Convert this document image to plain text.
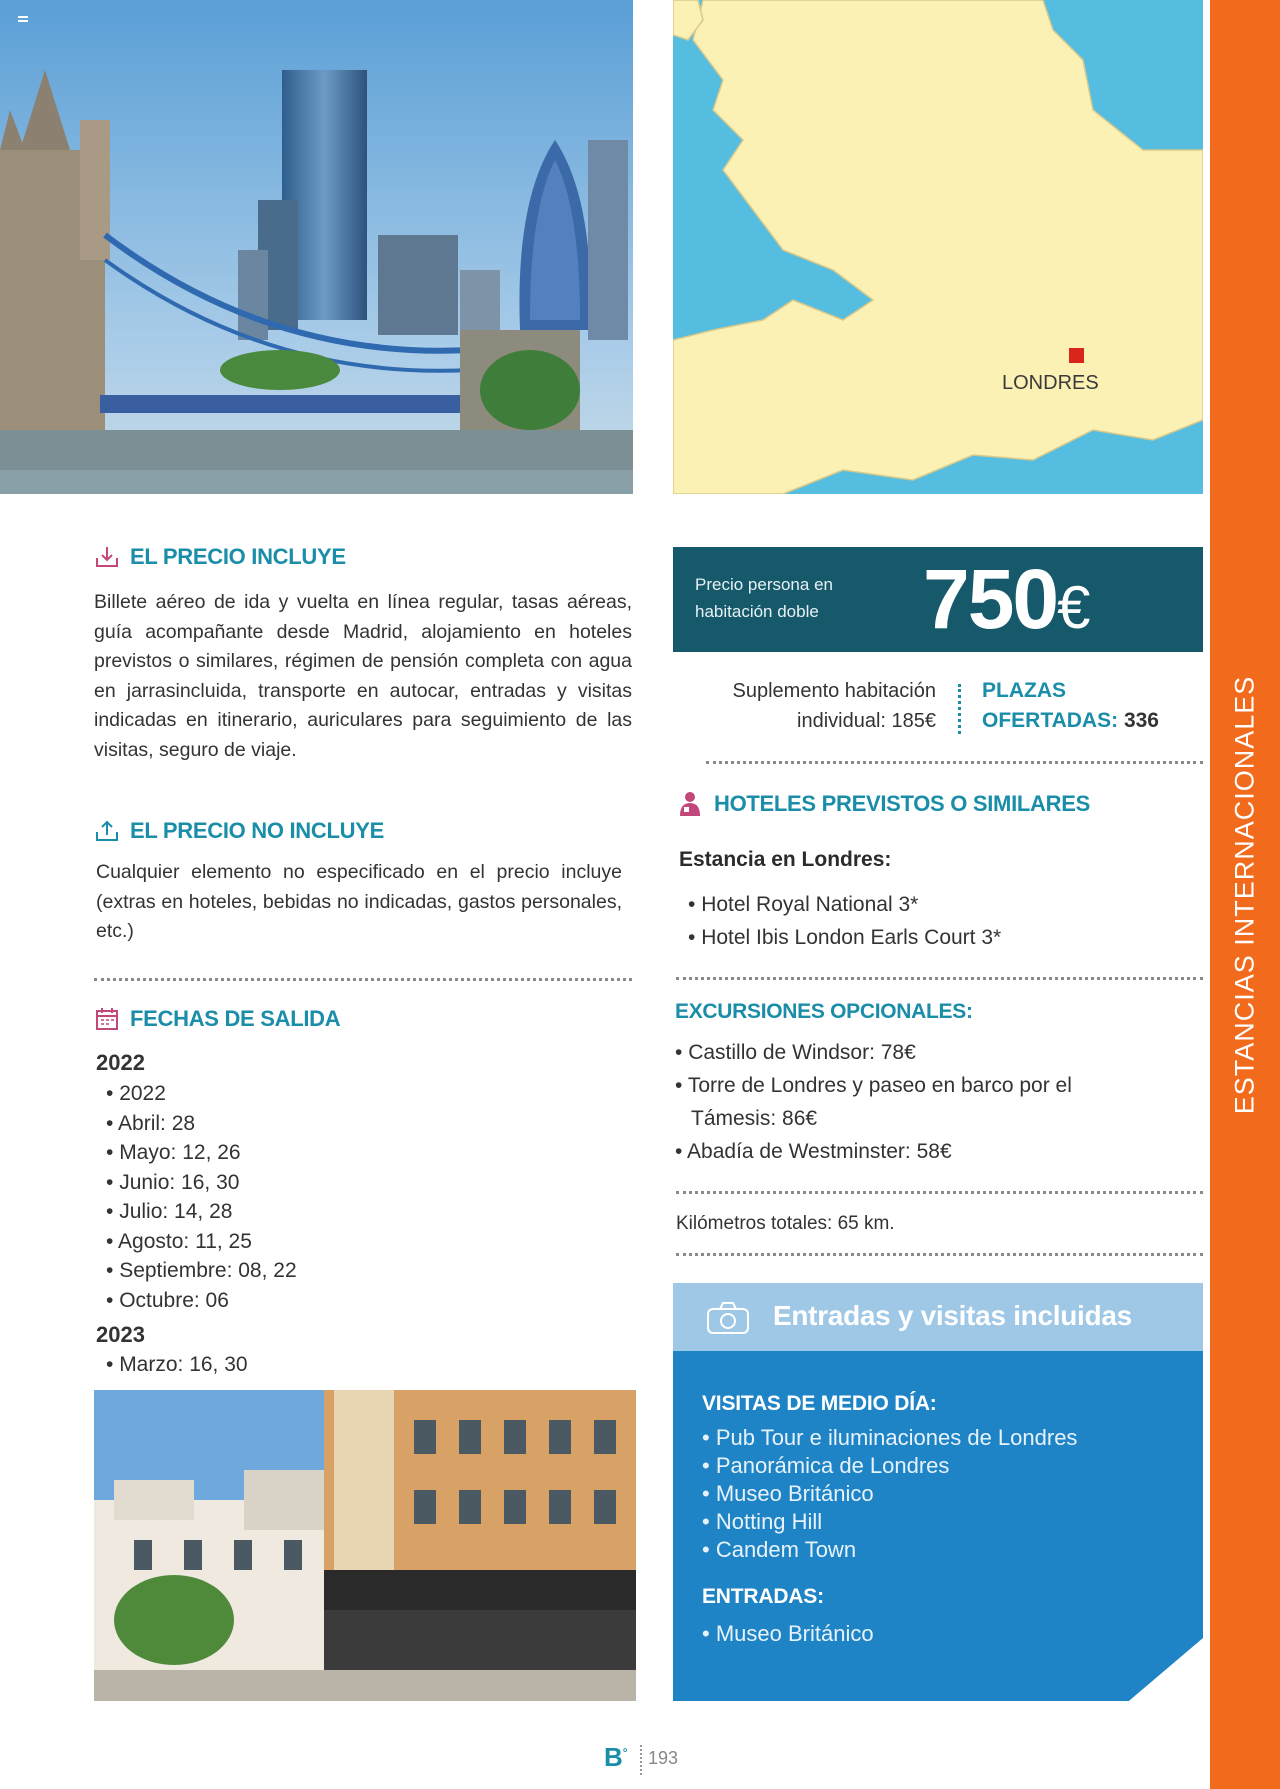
ESTANCIAS INTERNACIONALES
LONDRES
EL PRECIO INCLUYE
Billete aéreo de ida y vuelta en línea regular, tasas aéreas, guía acompañante desde Madrid, alojamiento en hoteles previstos o similares, régimen de pensión completa con agua en jarrasincluida, transporte en autocar, entradas y visitas indicadas en itinerario, auriculares para seguimiento de las visitas, seguro de viaje.
EL PRECIO NO INCLUYE
Cualquier elemento no especificado en el precio incluye (extras en hoteles, bebidas no indicadas, gastos personales, etc.)
FECHAS DE SALIDA
2022
• 2022
• Abril: 28
• Mayo: 12, 26
• Junio: 16, 30
• Julio: 14, 28
• Agosto: 11, 25
• Septiembre: 08, 22
• Octubre: 06
2023
• Marzo: 16, 30
Precio persona en
habitación doble 750€
Suplemento habitación
individual: 185€
PLAZAS
OFERTADAS: 336
HOTELES PREVISTOS O SIMILARES
Estancia en Londres:
• Hotel Royal National 3*
• Hotel Ibis London Earls Court 3*
EXCURSIONES OPCIONALES:
• Castillo de Windsor: 78€
• Torre de Londres y paseo en barco por el Támesis: 86€
• Abadía de Westminster: 58€
Kilómetros totales: 65 km.
Entradas y visitas incluidas
VISITAS DE MEDIO DÍA:
• Pub Tour e iluminaciones de Londres
• Panorámica de Londres
• Museo Británico
• Notting Hill
• Candem Town
ENTRADAS:
• Museo Británico
B° 193
